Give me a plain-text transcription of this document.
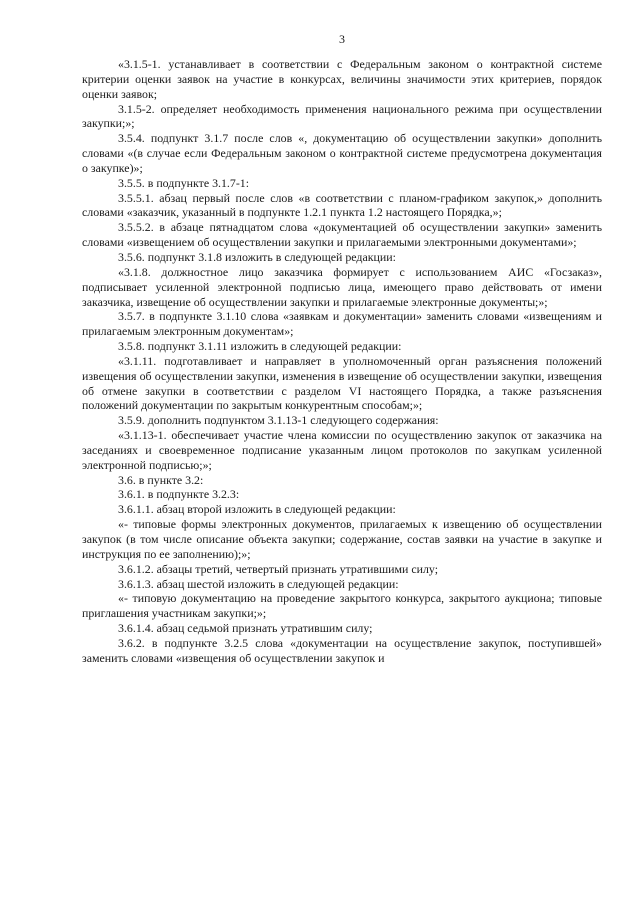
3

«3.1.5-1. устанавливает в соответствии с Федеральным законом о контрактной системе критерии оценки заявок на участие в конкурсах, величины значимости этих критериев, порядок оценки заявок;

3.1.5-2. определяет необходимость применения национального режима при осуществлении закупки;»;

3.5.4. подпункт 3.1.7 после слов «, документацию об осуществлении закупки» дополнить словами «(в случае если Федеральным законом о контрактной системе предусмотрена документация о закупке)»;

3.5.5. в подпункте 3.1.7-1:

3.5.5.1. абзац первый после слов «в соответствии с планом-графиком закупок,» дополнить словами «заказчик, указанный в подпункте 1.2.1 пункта 1.2 настоящего Порядка,»;

3.5.5.2. в абзаце пятнадцатом слова «документацией об осуществлении закупки» заменить словами «извещением об осуществлении закупки и прилагаемыми электронными документами»;

3.5.6. подпункт 3.1.8 изложить в следующей редакции:

«3.1.8. должностное лицо заказчика формирует с использованием АИС «Госзаказ», подписывает усиленной электронной подписью лица, имеющего право действовать от имени заказчика, извещение об осуществлении закупки и прилагаемые электронные документы;»;

3.5.7. в подпункте 3.1.10 слова «заявкам и документации» заменить словами «извещениям и прилагаемым электронным документам»;

3.5.8. подпункт 3.1.11 изложить в следующей редакции:

«3.1.11. подготавливает и направляет в уполномоченный орган разъяснения положений извещения об осуществлении закупки, изменения в извещение об осуществлении закупки, извещения об отмене закупки в соответствии с разделом VI настоящего Порядка, а также разъяснения положений документации по закрытым конкурентным способам;»;

3.5.9. дополнить подпунктом 3.1.13-1 следующего содержания:

«3.1.13-1. обеспечивает участие члена комиссии по осуществлению закупок от заказчика на заседаниях и своевременное подписание указанным лицом протоколов по закупкам усиленной электронной подписью;»;

3.6. в пункте 3.2:

3.6.1. в подпункте 3.2.3:

3.6.1.1. абзац второй изложить в следующей редакции:

«- типовые формы электронных документов, прилагаемых к извещению об осуществлении закупок (в том числе описание объекта закупки; содержание, состав заявки на участие в закупке и инструкция по ее заполнению);»;

3.6.1.2. абзацы третий, четвертый признать утратившими силу;

3.6.1.3. абзац шестой изложить в следующей редакции:

«- типовую документацию на проведение закрытого конкурса, закрытого аукциона; типовые приглашения участникам закупки;»;

3.6.1.4. абзац седьмой признать утратившим силу;

3.6.2. в подпункте 3.2.5 слова «документации на осуществление закупок, поступившей» заменить словами «извещения об осуществлении закупок и
